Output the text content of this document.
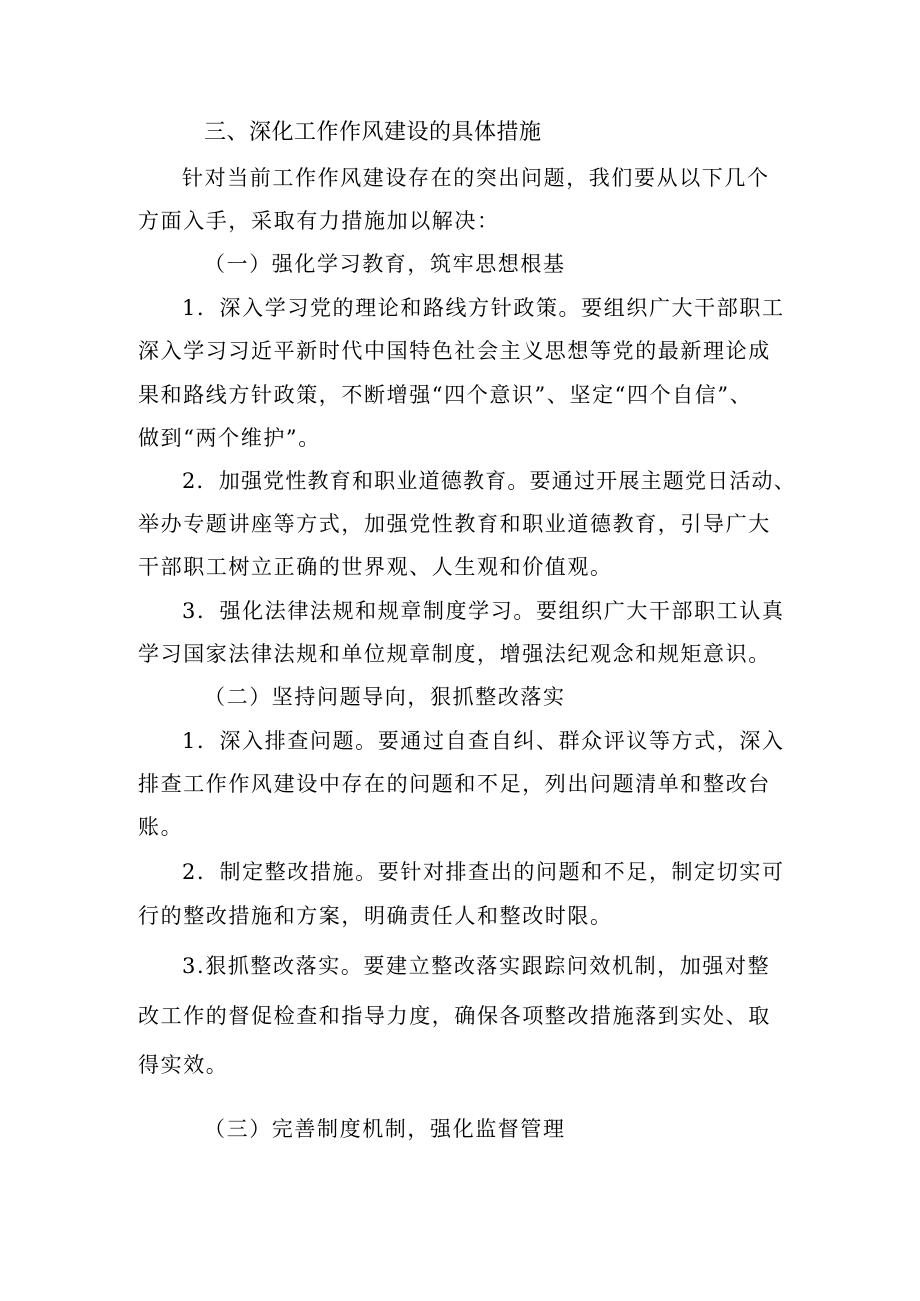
三、深化工作作风建设的具体措施
针对当前工作作风建设存在的突出问题，我们要从以下几个
方面入手，采取有力措施加以解决：
（一）强化学习教育，筑牢思想根基
1．深入学习党的理论和路线方针政策。要组织广大干部职工
深入学习习近平新时代中国特色社会主义思想等党的最新理论成
果和路线方针政策，不断增强“四个意识”、坚定“四个自信”、
做到“两个维护”。
2．加强党性教育和职业道德教育。要通过开展主题党日活动、
举办专题讲座等方式，加强党性教育和职业道德教育，引导广大
干部职工树立正确的世界观、人生观和价值观。
3．强化法律法规和规章制度学习。要组织广大干部职工认真
学习国家法律法规和单位规章制度，增强法纪观念和规矩意识。
（二）坚持问题导向，狠抓整改落实
1．深入排查问题。要通过自查自纠、群众评议等方式，深入
排查工作作风建设中存在的问题和不足，列出问题清单和整改台
账。
2．制定整改措施。要针对排查出的问题和不足，制定切实可
行的整改措施和方案，明确责任人和整改时限。
3.狠抓整改落实。要建立整改落实跟踪问效机制，加强对整
改工作的督促检查和指导力度，确保各项整改措施落到实处、取
得实效。
（三）完善制度机制，强化监督管理
